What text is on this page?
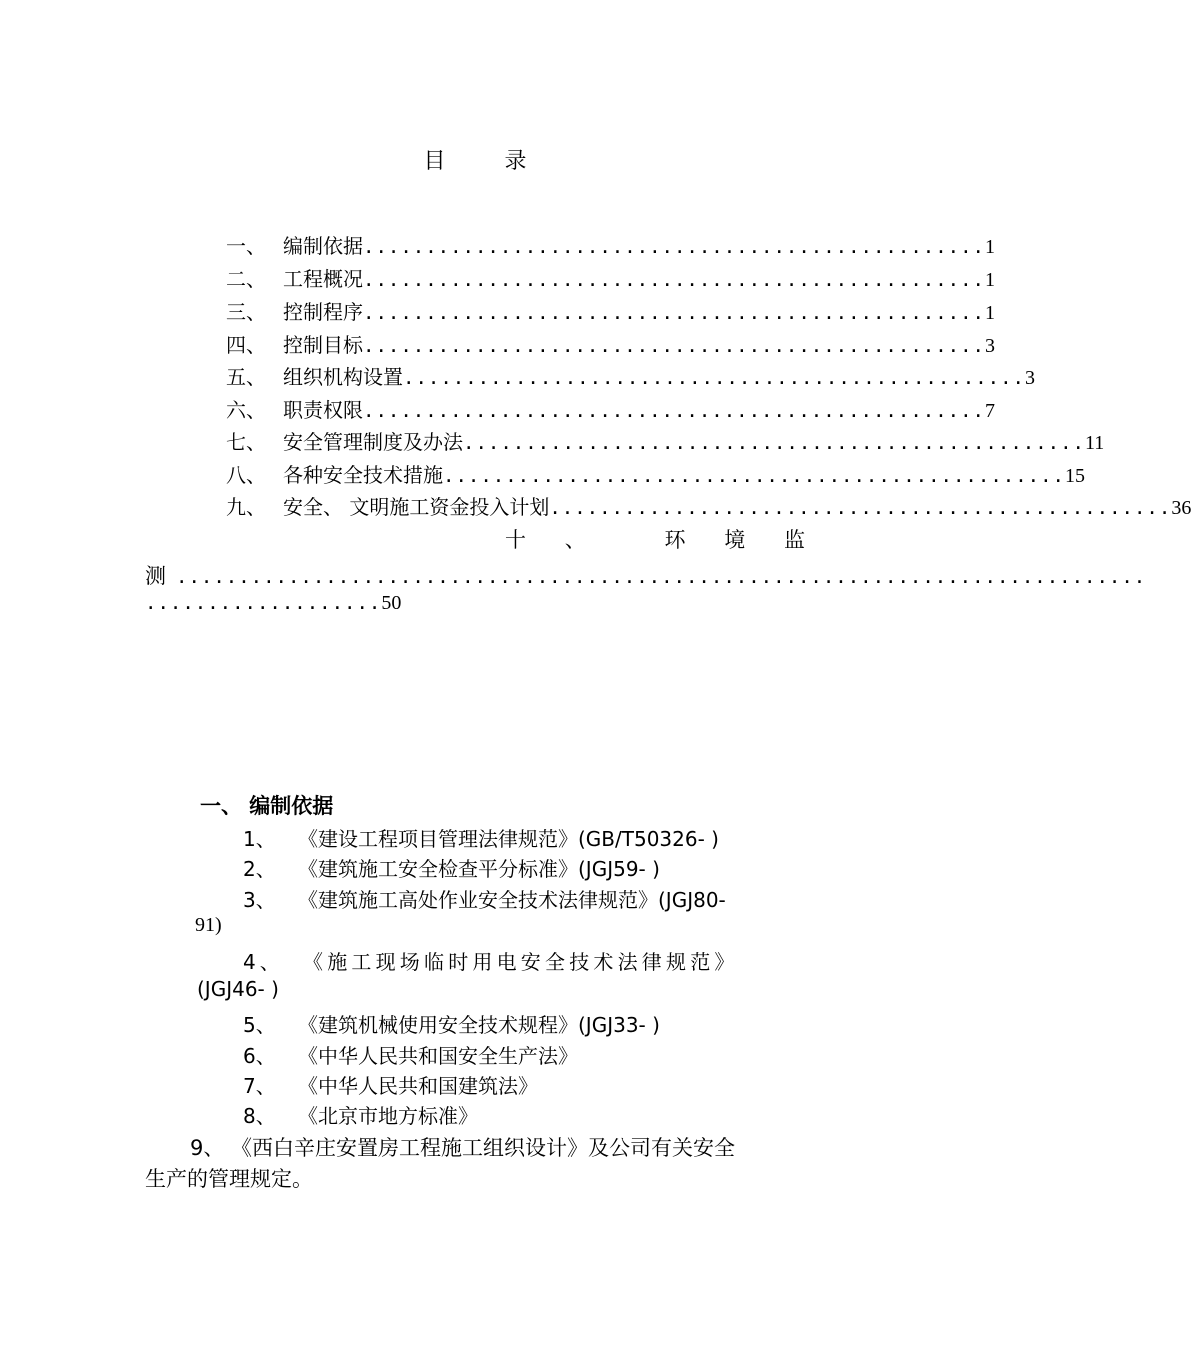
目 录
一、 编制依据 .................................................. 1
二、 工程概况 .................................................. 1
三、 控制程序 .................................................. 1
四、 控制目标 .................................................. 3
五、 组织机构设置 .................................................. 3
六、 职责权限 .................................................. 7
七、 安全管理制度及办法 .................................................. 11
八、 各种安全技术措施 .................................................. 15
九、 安全、 文明施工资金投入计划 .................................................. 36
十 、	环 境 监
测 ..............................................................................
...................50
一、 编制依据
1、 《建设工程项目管理法律规范》(GB/T50326- )
2、 《建筑施工安全检查平分标准》(JGJ59- )
3、 《建筑施工高处作业安全技术法律规范》(JGJ80-
91)
4、 《施工现场临时用电安全技术法律规范》
(JGJ46- )
5、 《建筑机械使用安全技术规程》(JGJ33- )
6、 《中华人民共和国安全生产法》
7、 《中华人民共和国建筑法》
8、 《北京市地方标准》
9、 《西白辛庄安置房工程施工组织设计》及公司有关安全
生产的管理规定。
